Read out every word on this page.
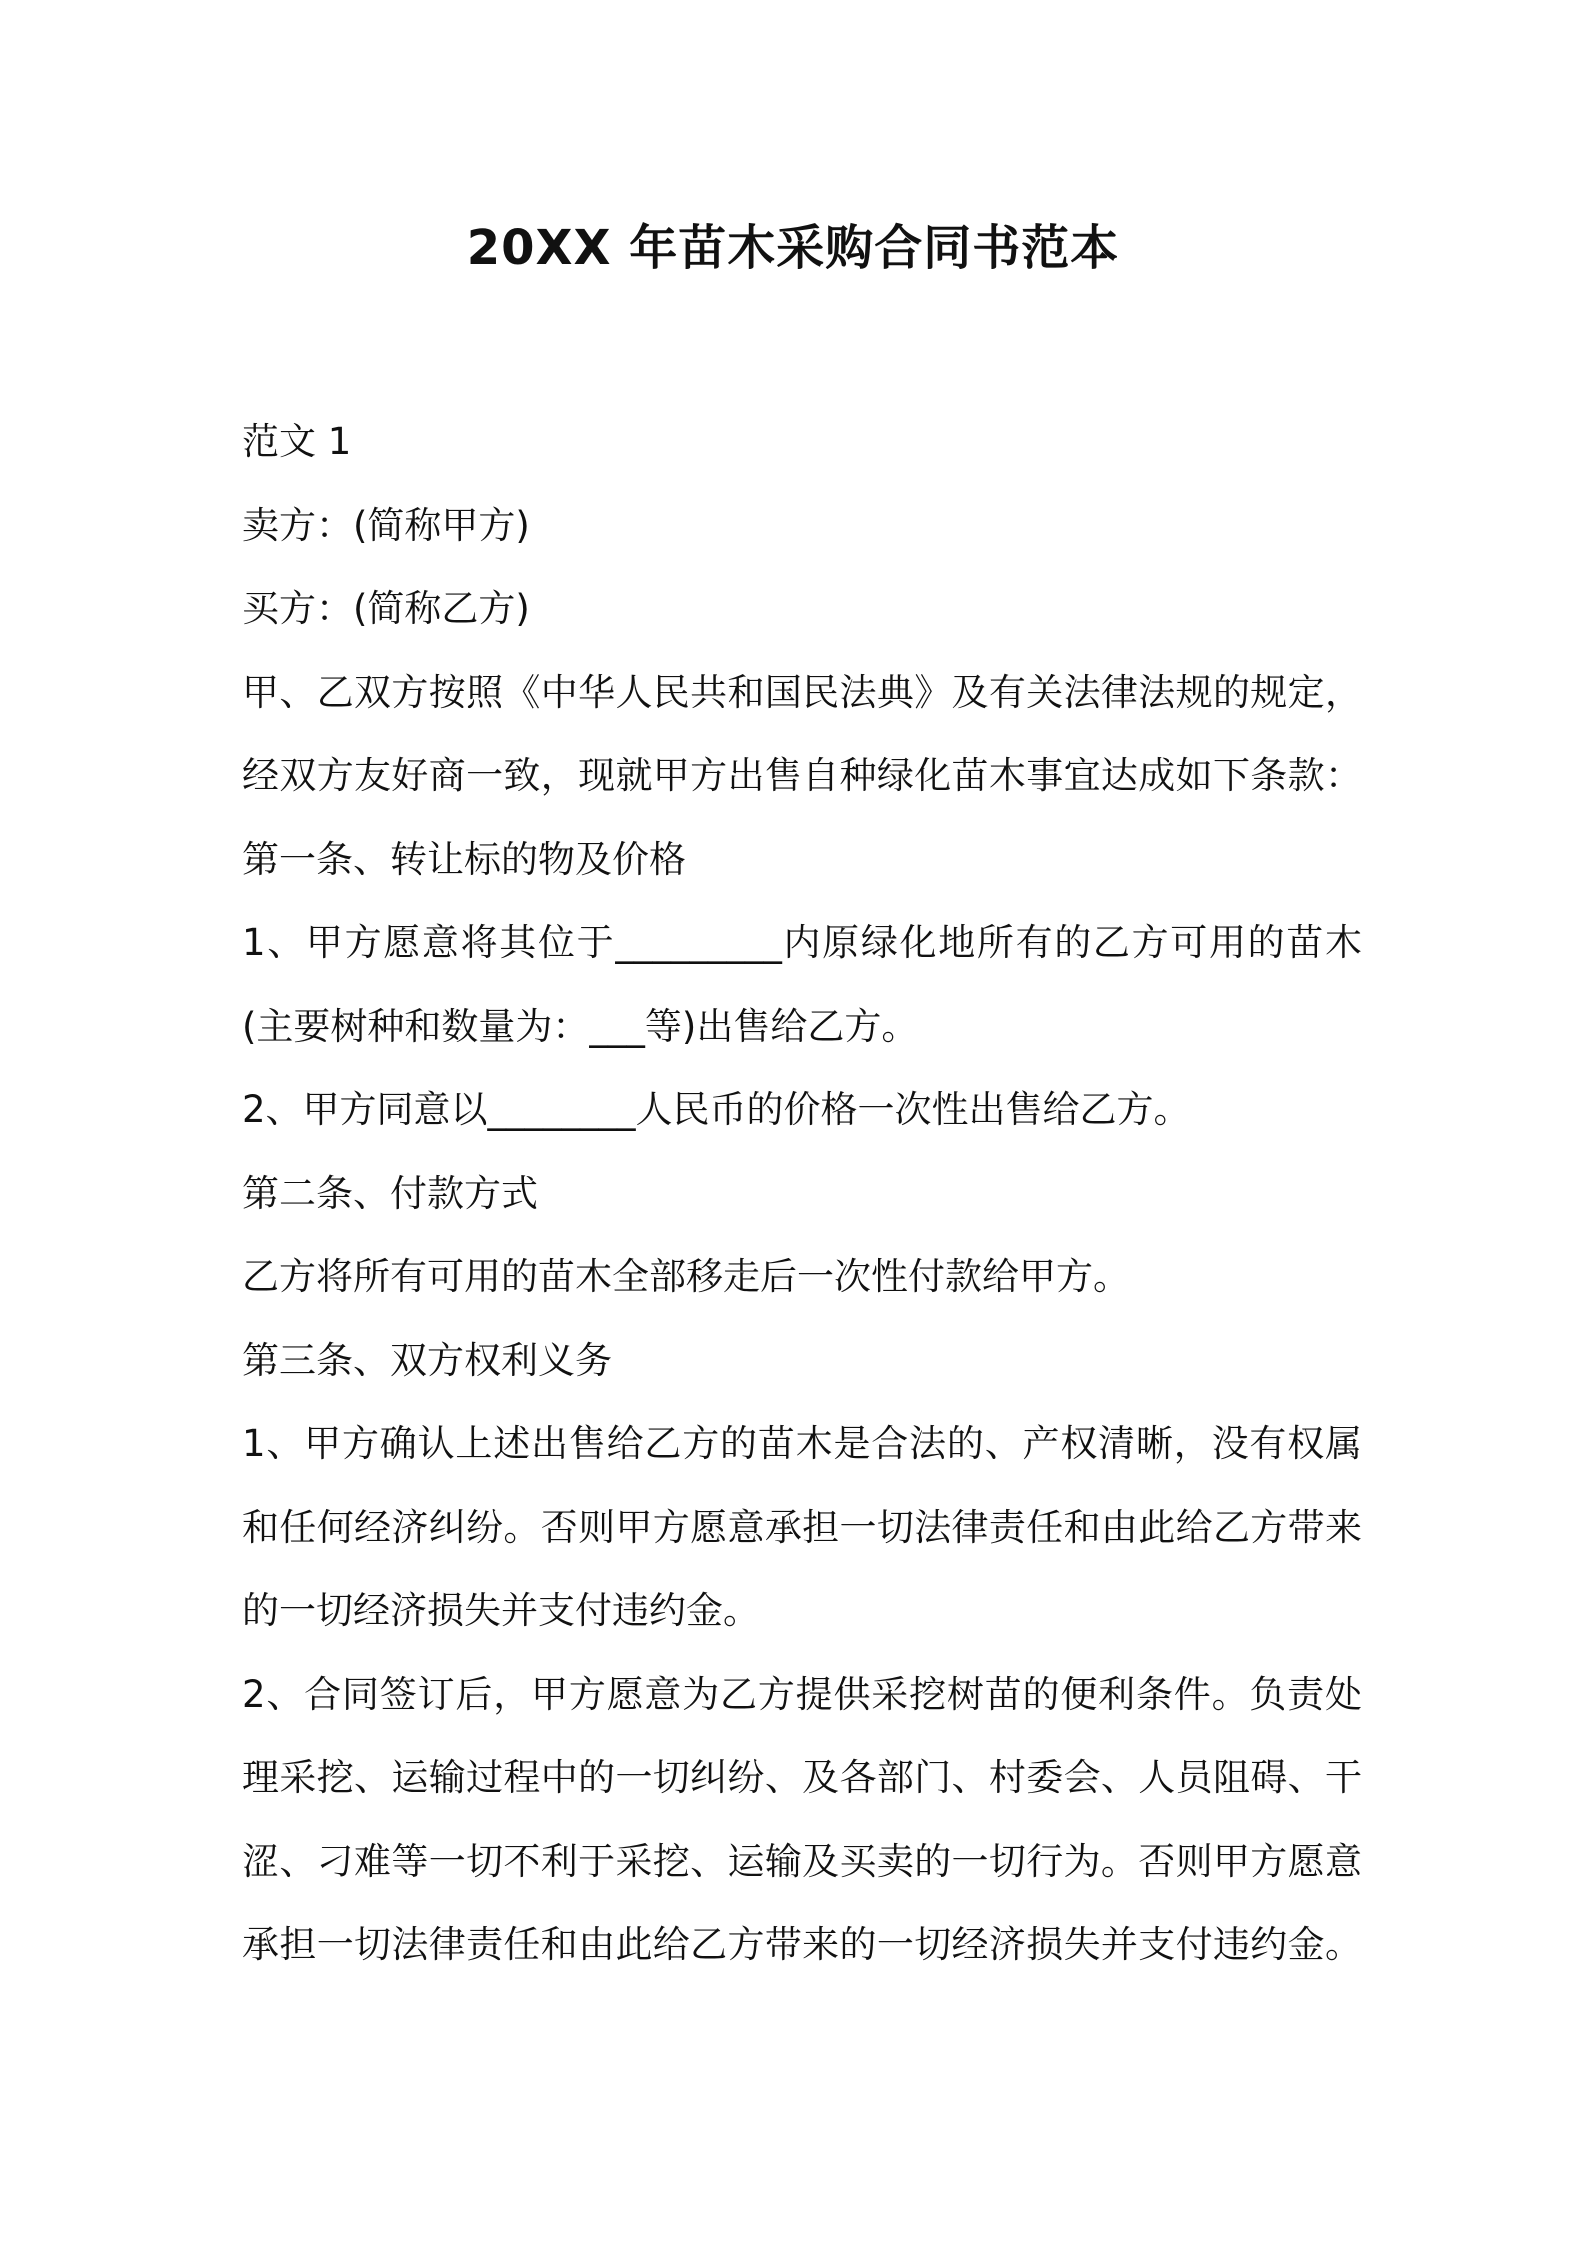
20XX 年苗木采购合同书范本

范文 1

卖方：(简称甲方)

买方：(简称乙方)

甲、乙双方按照《中华人民共和国民法典》及有关法律法规的规定，

经双方友好商一致，现就甲方出售自种绿化苗木事宜达成如下条款：

第一条、转让标的物及价格

1、甲方愿意将其位于_________内原绿化地所有的乙方可用的苗木

(主要树种和数量为：___等)出售给乙方。

2、甲方同意以________人民币的价格一次性出售给乙方。

第二条、付款方式

乙方将所有可用的苗木全部移走后一次性付款给甲方。

第三条、双方权利义务

1、甲方确认上述出售给乙方的苗木是合法的、产权清晰，没有权属

和任何经济纠纷。否则甲方愿意承担一切法律责任和由此给乙方带来

的一切经济损失并支付违约金。

2、合同签订后，甲方愿意为乙方提供采挖树苗的便利条件。负责处

理采挖、运输过程中的一切纠纷、及各部门、村委会、人员阻碍、干

涩、刁难等一切不利于采挖、运输及买卖的一切行为。否则甲方愿意

承担一切法律责任和由此给乙方带来的一切经济损失并支付违约金。
